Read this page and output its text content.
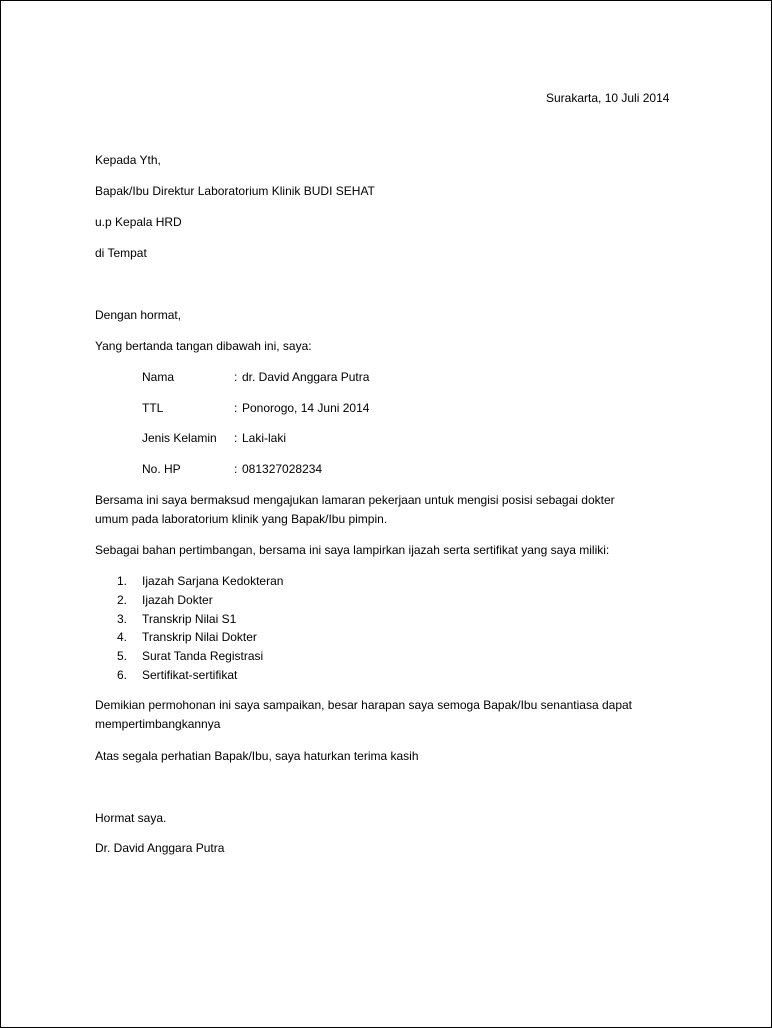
Surakarta, 10 Juli 2014
Kepada Yth,
Bapak/Ibu Direktur Laboratorium Klinik BUDI SEHAT
u.p Kepala HRD
di Tempat
Dengan hormat,
Yang bertanda tangan dibawah ini, saya:
Nama	: dr. David Anggara Putra
TTL	: Ponorogo, 14 Juni 2014
Jenis Kelamin : Laki-laki
No. HP	: 081327028234
Bersama ini saya bermaksud mengajukan lamaran pekerjaan untuk mengisi posisi sebagai dokter
umum pada laboratorium klinik yang Bapak/Ibu pimpin.
Sebagai bahan pertimbangan, bersama ini saya lampirkan ijazah serta sertifikat yang saya miliki:
1. Ijazah Sarjana Kedokteran
2. Ijazah Dokter
3. Transkrip Nilai S1
4. Transkrip Nilai Dokter
5. Surat Tanda Registrasi
6. Sertifikat-sertifikat
Demikian permohonan ini saya sampaikan, besar harapan saya semoga Bapak/Ibu senantiasa dapat
mempertimbangkannya
Atas segala perhatian Bapak/Ibu, saya haturkan terima kasih
Hormat saya.
Dr. David Anggara Putra
